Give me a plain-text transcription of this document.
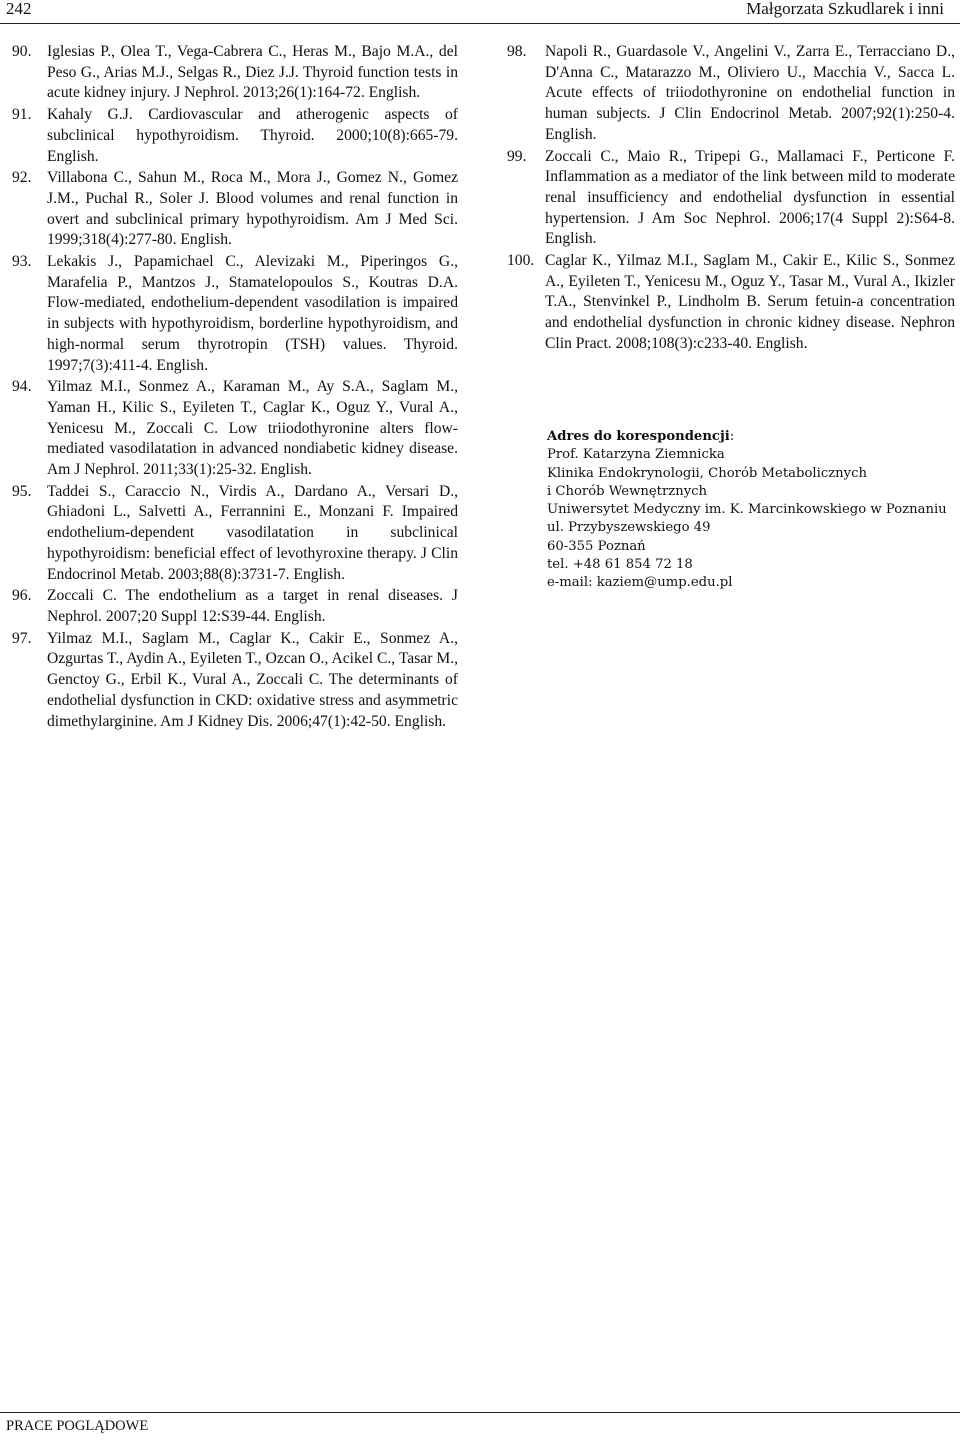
242	Małgorzata Szkudlarek i inni
90. Iglesias P., Olea T., Vega-Cabrera C., Heras M., Bajo M.A., del Peso G., Arias M.J., Selgas R., Diez J.J. Thyroid function tests in acute kidney injury. J Nephrol. 2013;26(1):164-72. English.
91. Kahaly G.J. Cardiovascular and atherogenic aspects of subclinical hypothyroidism. Thyroid. 2000;10(8):665-79. English.
92. Villabona C., Sahun M., Roca M., Mora J., Gomez N., Gomez J.M., Puchal R., Soler J. Blood volumes and renal function in overt and subclinical primary hypothyroidism. Am J Med Sci. 1999;318(4):277-80. English.
93. Lekakis J., Papamichael C., Alevizaki M., Piperingos G., Marafelia P., Mantzos J., Stamatelopoulos S., Koutras D.A. Flow-mediated, endothelium-dependent vasodilation is impaired in subjects with hypothyroidism, borderline hypothyroidism, and high-normal serum thyrotropin (TSH) values. Thyroid. 1997;7(3):411-4. English.
94. Yilmaz M.I., Sonmez A., Karaman M., Ay S.A., Saglam M., Yaman H., Kilic S., Eyileten T., Caglar K., Oguz Y., Vural A., Yenicesu M., Zoccali C. Low triiodothyronine alters flow-mediated vasodilatation in advanced nondiabetic kidney disease. Am J Nephrol. 2011;33(1):25-32. English.
95. Taddei S., Caraccio N., Virdis A., Dardano A., Versari D., Ghiadoni L., Salvetti A., Ferrannini E., Monzani F. Impaired endothelium-dependent vasodilatation in subclinical hypothyroidism: beneficial effect of levothyroxine therapy. J Clin Endocrinol Metab. 2003;88(8):3731-7. English.
96. Zoccali C. The endothelium as a target in renal diseases. J Nephrol. 2007;20 Suppl 12:S39-44. English.
97. Yilmaz M.I., Saglam M., Caglar K., Cakir E., Sonmez A., Ozgurtas T., Aydin A., Eyileten T., Ozcan O., Acikel C., Tasar M., Genctoy G., Erbil K., Vural A., Zoccali C. The determinants of endothelial dysfunction in CKD: oxidative stress and asymmetric dimethylarginine. Am J Kidney Dis. 2006;47(1):42-50. English.
98.	Napoli R., Guardasole V., Angelini V., Zarra E., Terracciano D., D'Anna C., Matarazzo M., Oliviero U., Macchia V., Sacca L. Acute effects of triiodothyronine on endothelial function in human subjects. J Clin Endocrinol Metab. 2007;92(1):250-4. English.
99.	Zoccali C., Maio R., Tripepi G., Mallamaci F., Perticone F. Inflammation as a mediator of the link between mild to moderate renal insufficiency and endothelial dysfunction in essential hypertension. J Am Soc Nephrol. 2006;17(4 Suppl 2):S64-8. English.
100. Caglar K., Yilmaz M.I., Saglam M., Cakir E., Kilic S., Sonmez A., Eyileten T., Yenicesu M., Oguz Y., Tasar M., Vural A., Ikizler T.A., Stenvinkel P., Lindholm B. Serum fetuin-a concentration and endothelial dysfunction in chronic kidney disease. Nephron Clin Pract. 2008;108(3):c233-40. English.
Adres do korespondencji:
Prof. Katarzyna Ziemnicka
Klinika Endokrynologii, Chorób Metabolicznych
i Chorób Wewnętrznych
Uniwersytet Medyczny im. K. Marcinkowskiego w Poznaniu
ul. Przybyszewskiego 49
60-355 Poznań
tel. +48 61 854 72 18
e-mail: kaziem@ump.edu.pl
PRACE POGLĄDOWE
